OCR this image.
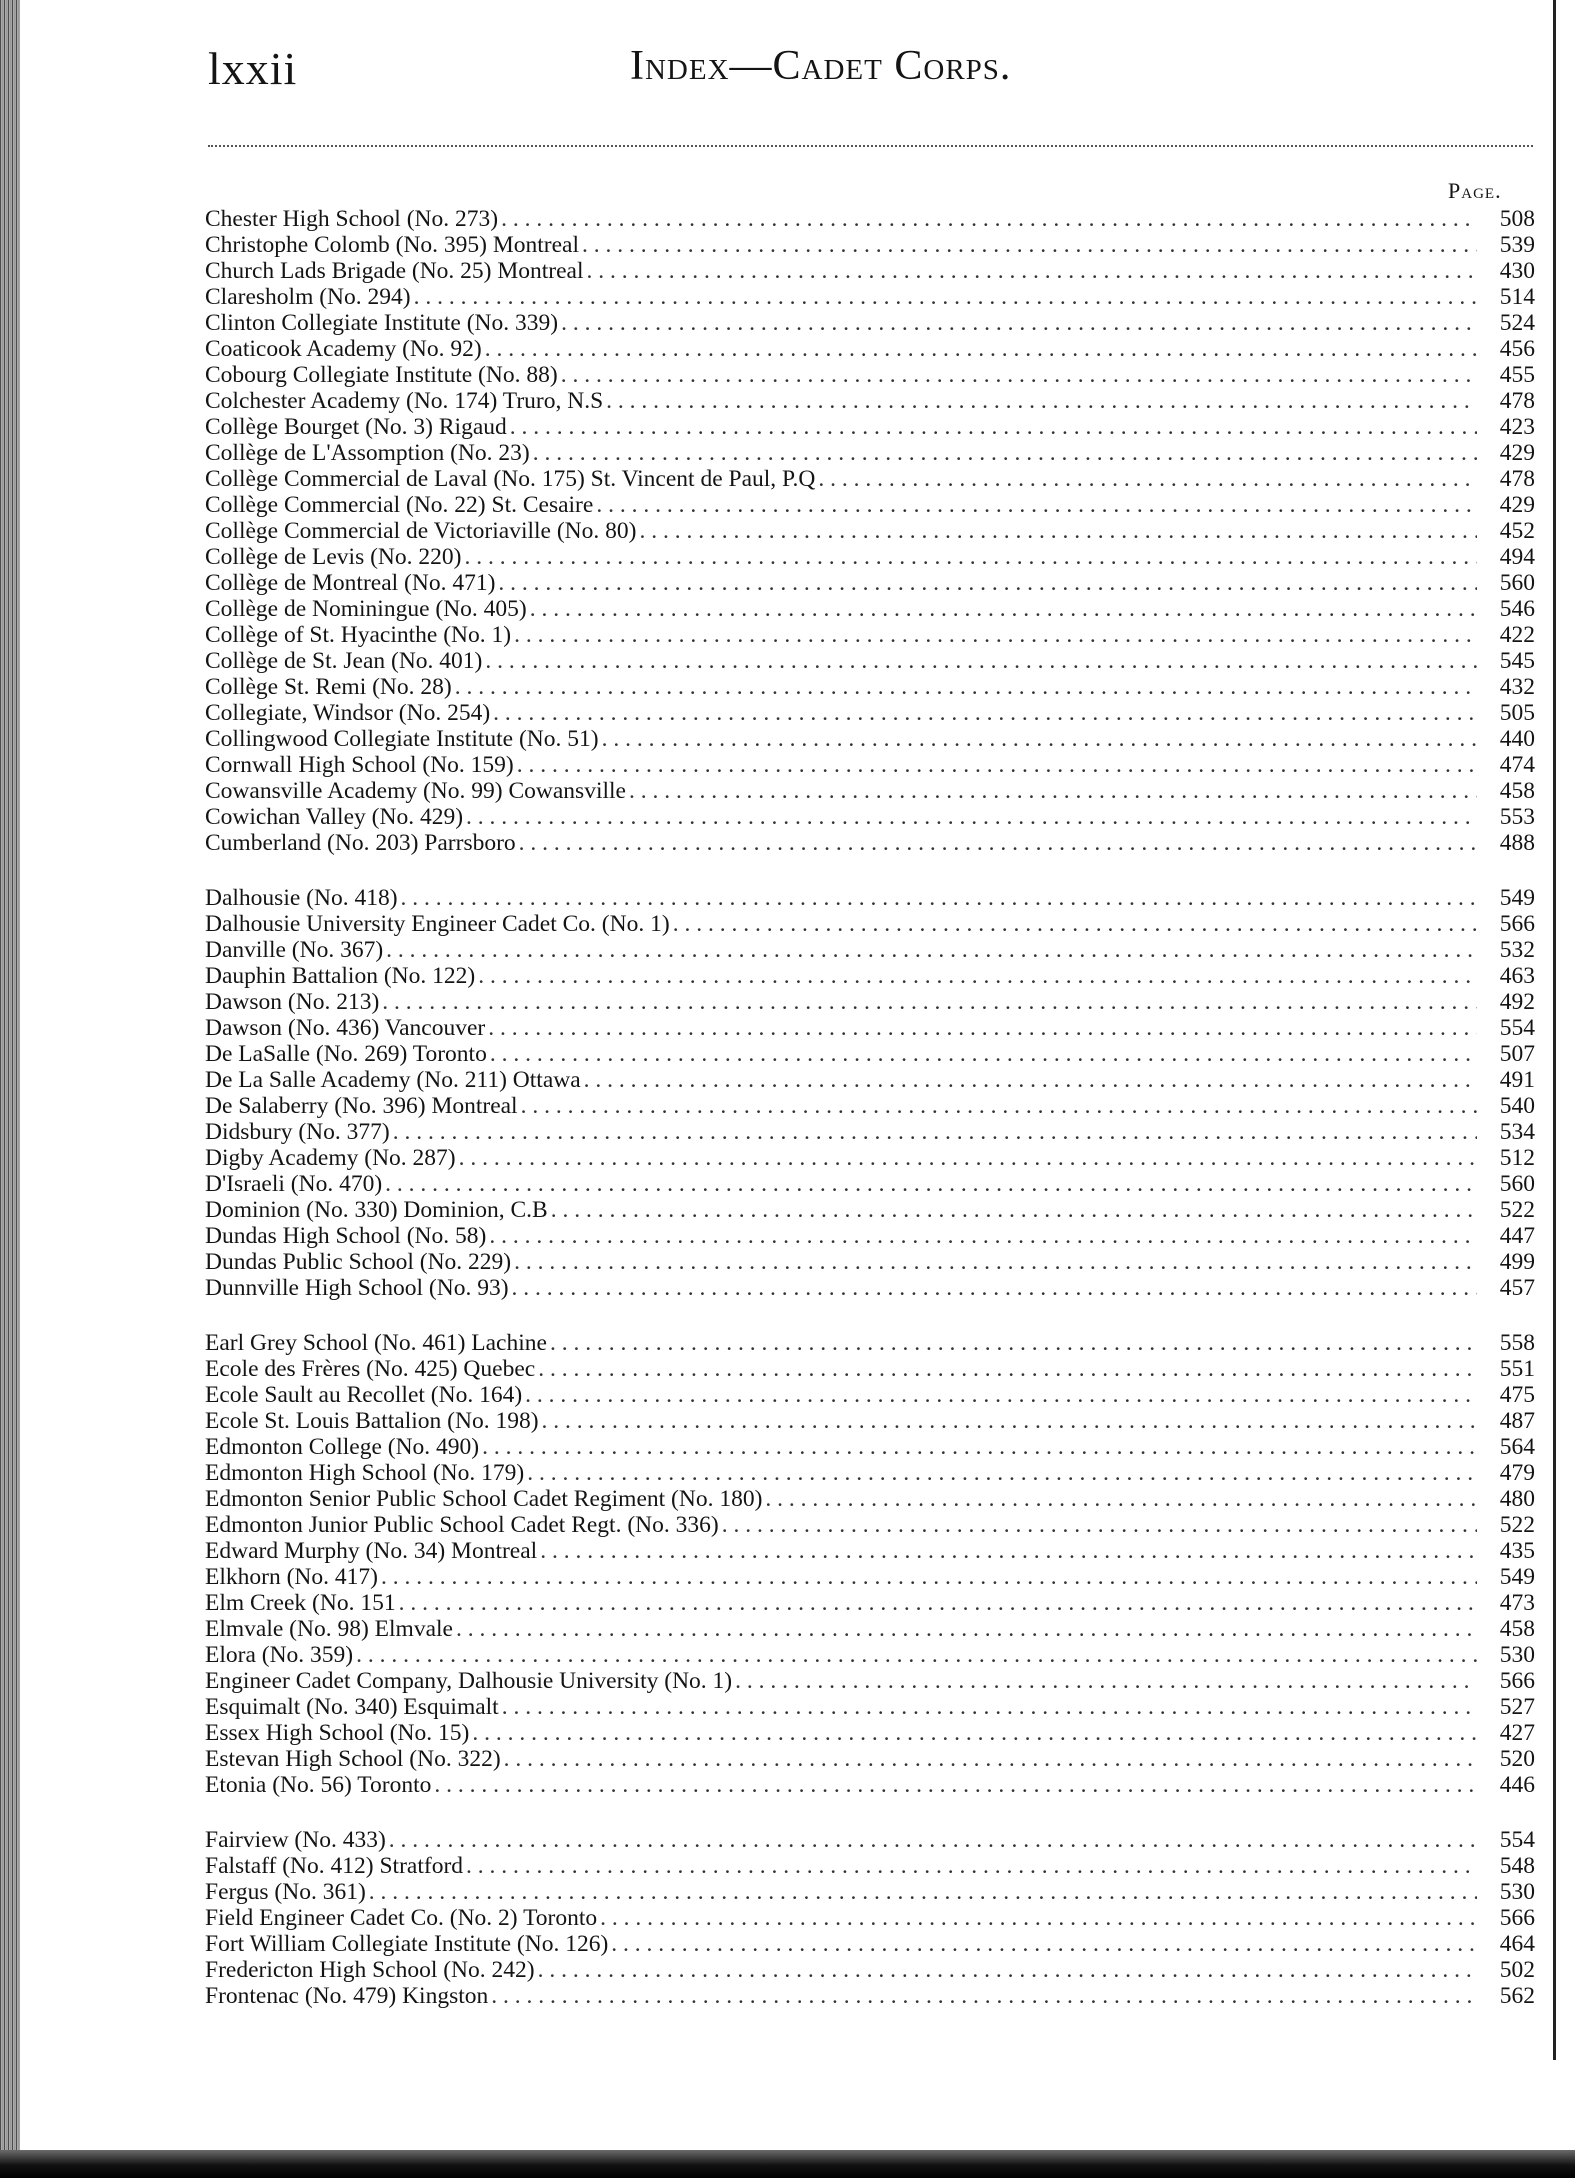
lxxii	Index—Cadet Corps.
Page.
Chester High School (No. 273) . . .	508
Christophe Colomb (No. 395) Montreal . . .	539
Church Lads Brigade (No. 25) Montreal . . .	430
Claresholm (No. 294) . . .	514
Clinton Collegiate Institute (No. 339) . . .	524
Coaticook Academy (No. 92) . . .	456
Cobourg Collegiate Institute (No. 88) . . .	455
Colchester Academy (No. 174) Truro, N.S . . .	478
Collège Bourget (No. 3) Rigaud . . .	423
Collège de L'Assomption (No. 23) . . .	429
Collège Commercial de Laval (No. 175) St. Vincent de Paul, P.Q . . .	478
Collège Commercial (No. 22) St. Cesaire . . .	429
Collège Commercial de Victoriaville (No. 80) . . .	452
Collège de Levis (No. 220) . . .	494
Collège de Montreal (No. 471) . . .	560
Collège de Nominingue (No. 405) . . .	546
Collège of St. Hyacinthe (No. 1) . . .	422
Collège de St. Jean (No. 401) . . .	545
Collège St. Remi (No. 28) . . .	432
Collegiate, Windsor (No. 254) . . .	505
Collingwood Collegiate Institute (No. 51) . . .	440
Cornwall High School (No. 159) . . .	474
Cowansville Academy (No. 99) Cowansville . . .	458
Cowichan Valley (No. 429) . . .	553
Cumberland (No. 203) Parrsboro . . .	488
Dalhousie (No. 418) . . .	549
Dalhousie University Engineer Cadet Co. (No. 1) . . .	566
Danville (No. 367) . . .	532
Dauphin Battalion (No. 122) . . .	463
Dawson (No. 213) . . .	492
Dawson (No. 436) Vancouver . . .	554
De LaSalle (No. 269) Toronto . . .	507
De La Salle Academy (No. 211) Ottawa . . .	491
De Salaberry (No. 396) Montreal . . .	540
Didsbury (No. 377) . . .	534
Digby Academy (No. 287) . . .	512
D'Israeli (No. 470) . . .	560
Dominion (No. 330) Dominion, C.B . . .	522
Dundas High School (No. 58) . . .	447
Dundas Public School (No. 229) . . .	499
Dunnville High School (No. 93) . . .	457
Earl Grey School (No. 461) Lachine . . .	558
Ecole des Frères (No. 425) Quebec . . .	551
Ecole Sault au Recollet (No. 164) . . .	475
Ecole St. Louis Battalion (No. 198) . . .	487
Edmonton College (No. 490) . . .	564
Edmonton High School (No. 179) . . .	479
Edmonton Senior Public School Cadet Regiment (No. 180) . . .	480
Edmonton Junior Public School Cadet Regt. (No. 336) . . .	522
Edward Murphy (No. 34) Montreal . . .	435
Elkhorn (No. 417) . . .	549
Elm Creek (No. 151 . . .	473
Elmvale (No. 98) Elmvale . . .	458
Elora (No. 359) . . .	530
Engineer Cadet Company, Dalhousie University (No. 1) . . .	566
Esquimalt (No. 340) Esquimalt . . .	527
Essex High School (No. 15) . . .	427
Estevan High School (No. 322) . . .	520
Etonia (No. 56) Toronto . . .	446
Fairview (No. 433) . . .	554
Falstaff (No. 412) Stratford . . .	548
Fergus (No. 361) . . .	530
Field Engineer Cadet Co. (No. 2) Toronto . . .	566
Fort William Collegiate Institute (No. 126) . . .	464
Fredericton High School (No. 242) . . .	502
Frontenac (No. 479) Kingston . . .	562
